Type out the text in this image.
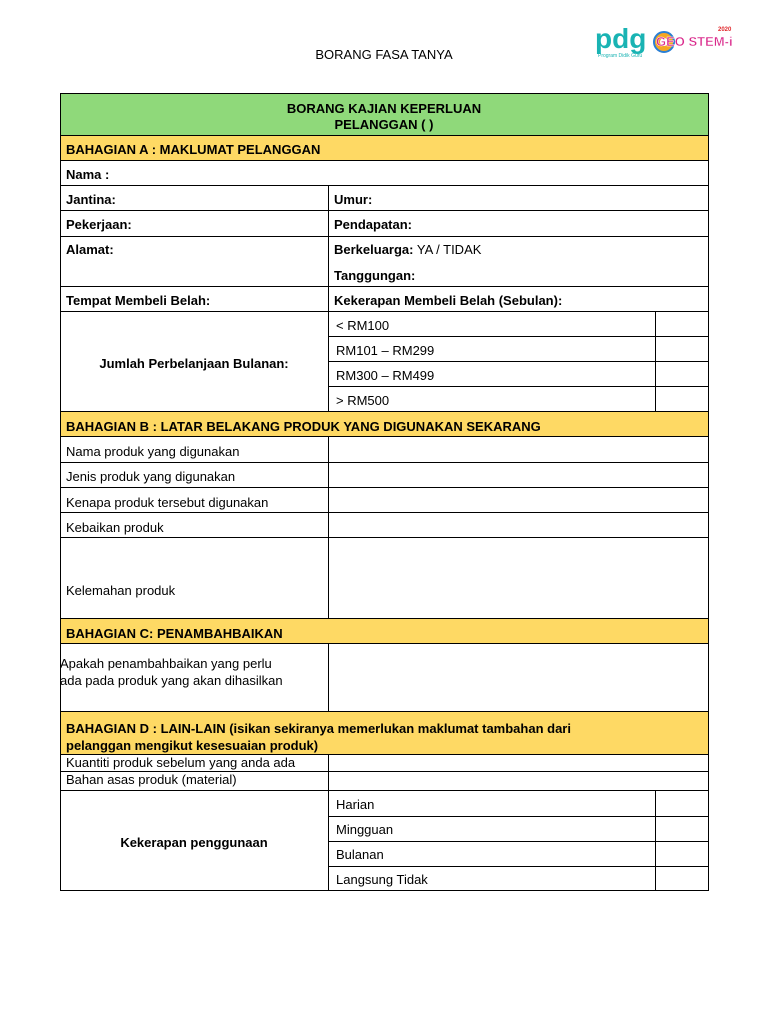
BORANG FASA TANYA
pdg
Program Didik Guru
GEO STEM-i
2020
BORANG KAJIAN KEPERLUAN
PELANGGAN ( )
BAHAGIAN A : MAKLUMAT PELANGGAN
Nama :
Jantina:	Umur:
Pekerjaan:	Pendapatan:
Alamat:	Berkeluarga: YA / TIDAK
Tanggungan:
Tempat Membeli Belah:	Kekerapan Membeli Belah (Sebulan):
Jumlah Perbelanjaan Bulanan:
< RM100
RM101 – RM299
RM300 – RM499
> RM500
BAHAGIAN B : LATAR BELAKANG PRODUK YANG DIGUNAKAN SEKARANG
Nama produk yang digunakan
Jenis produk yang digunakan
Kenapa produk tersebut digunakan
Kebaikan produk
Kelemahan produk
BAHAGIAN C: PENAMBAHBAIKAN
Apakah penambahbaikan yang perlu
ada pada produk yang akan dihasilkan
BAHAGIAN D : LAIN-LAIN (isikan sekiranya memerlukan maklumat tambahan dari
pelanggan mengikut kesesuaian produk)
Kuantiti produk sebelum yang anda ada
Bahan asas produk (material)
Kekerapan penggunaan
Harian
Mingguan
Bulanan
Langsung Tidak
